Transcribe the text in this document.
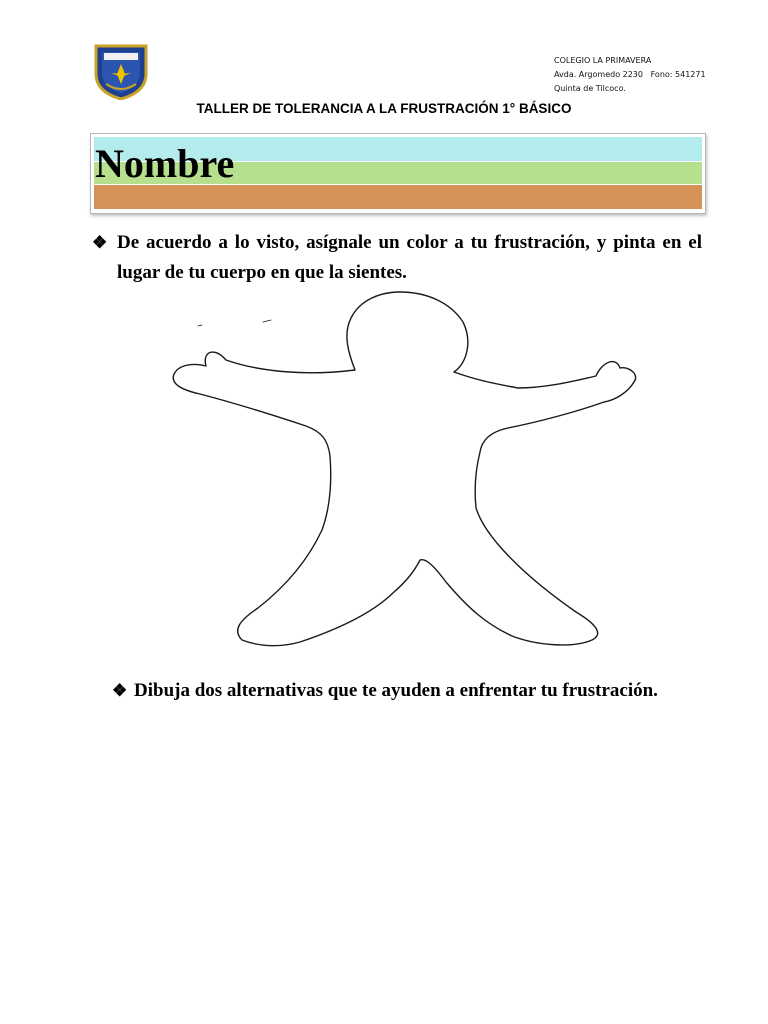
COLEGIO LA PRIMAVERA
Avda. Argomedo 2230   Fono: 541271
Quinta de Tilcoco.
TALLER DE TOLERANCIA A LA FRUSTRACIÓN 1° BÁSICO
Nombre
❖ De acuerdo a lo visto, asígnale un color a tu frustración, y pinta en el lugar de tu cuerpo en que la sientes.
❖ Dibuja dos alternativas que te ayuden a enfrentar tu frustración.
